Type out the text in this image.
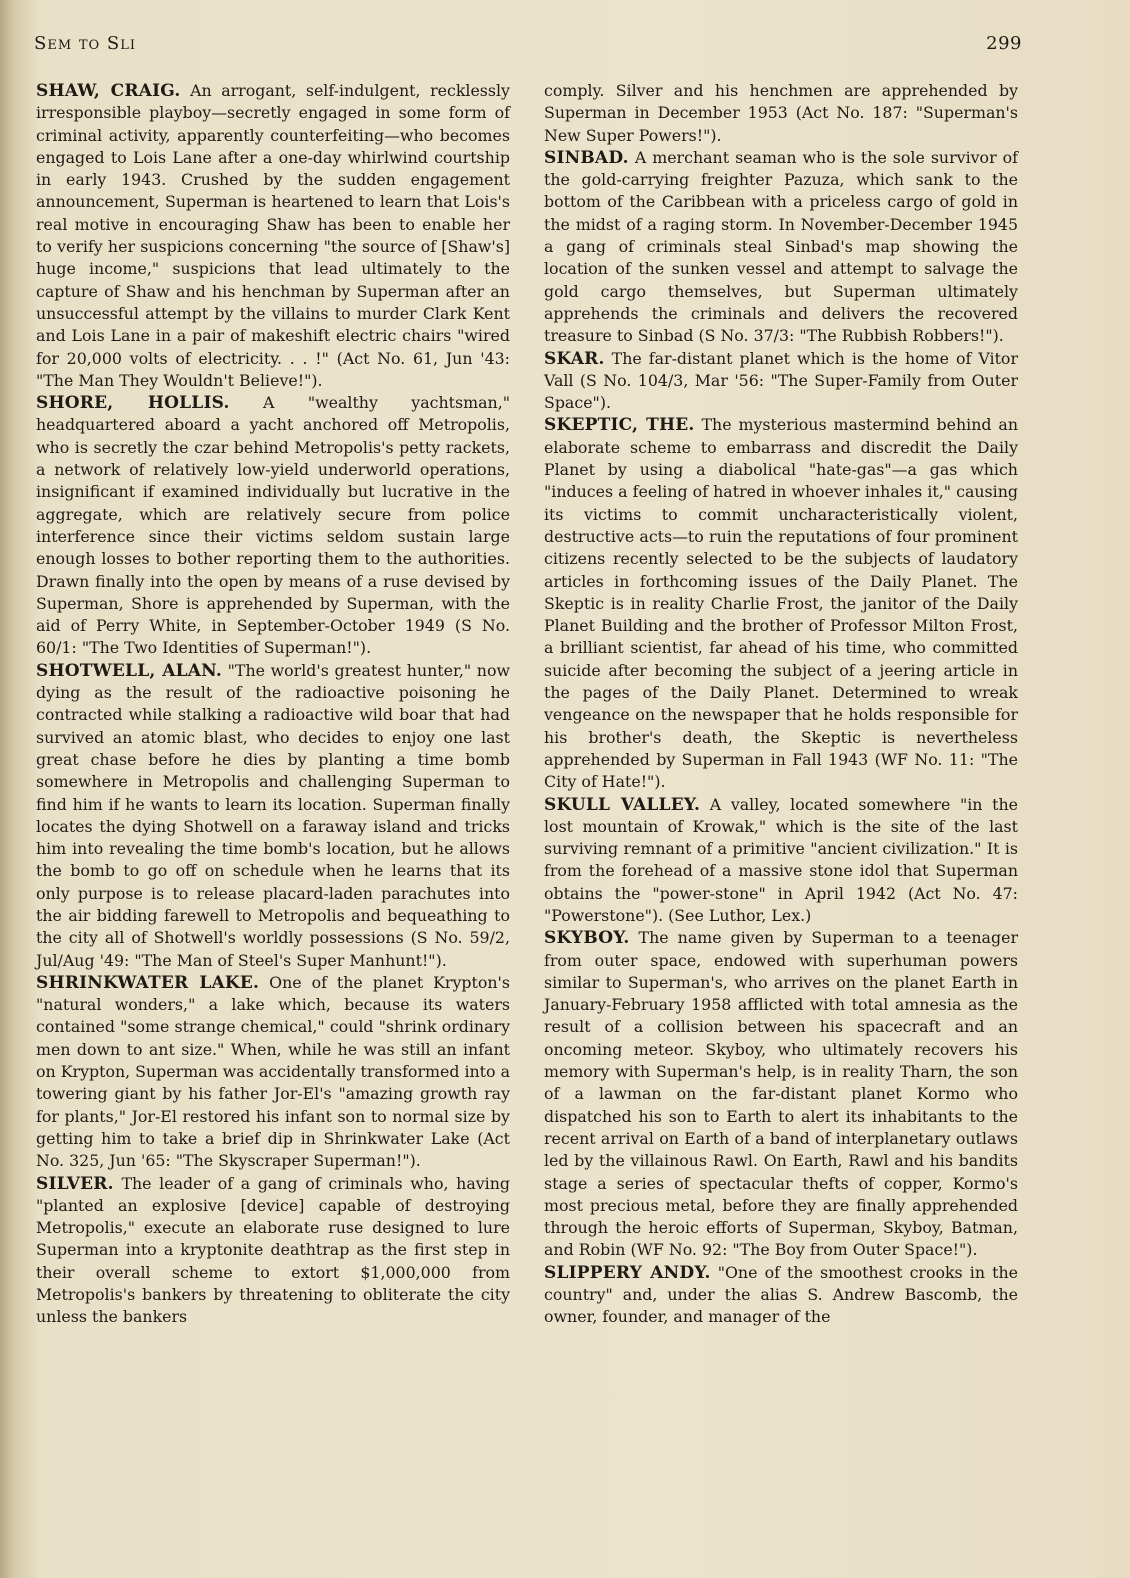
Sem to Sli	299

SHAW, CRAIG. An arrogant, self-indulgent, recklessly irresponsible playboy—secretly engaged in some form of criminal activity, apparently counterfeiting—who becomes engaged to Lois Lane after a one-day whirlwind courtship in early 1943. Crushed by the sudden engagement announcement, Superman is heartened to learn that Lois's real motive in encouraging Shaw has been to enable her to verify her suspicions concerning "the source of [Shaw's] huge income," suspicions that lead ultimately to the capture of Shaw and his henchman by Superman after an unsuccessful attempt by the villains to murder Clark Kent and Lois Lane in a pair of makeshift electric chairs "wired for 20,000 volts of electricity. . . !" (Act No. 61, Jun '43: "The Man They Wouldn't Believe!").

SHORE, HOLLIS. A "wealthy yachtsman," headquartered aboard a yacht anchored off Metropolis, who is secretly the czar behind Metropolis's petty rackets, a network of relatively low-yield underworld operations, insignificant if examined individually but lucrative in the aggregate, which are relatively secure from police interference since their victims seldom sustain large enough losses to bother reporting them to the authorities. Drawn finally into the open by means of a ruse devised by Superman, Shore is apprehended by Superman, with the aid of Perry White, in September-October 1949 (S No. 60/1: "The Two Identities of Superman!").

SHOTWELL, ALAN. "The world's greatest hunter," now dying as the result of the radioactive poisoning he contracted while stalking a radioactive wild boar that had survived an atomic blast, who decides to enjoy one last great chase before he dies by planting a time bomb somewhere in Metropolis and challenging Superman to find him if he wants to learn its location. Superman finally locates the dying Shotwell on a faraway island and tricks him into revealing the time bomb's location, but he allows the bomb to go off on schedule when he learns that its only purpose is to release placard-laden parachutes into the air bidding farewell to Metropolis and bequeathing to the city all of Shotwell's worldly possessions (S No. 59/2, Jul/Aug '49: "The Man of Steel's Super Manhunt!").

SHRINKWATER LAKE. One of the planet Krypton's "natural wonders," a lake which, because its waters contained "some strange chemical," could "shrink ordinary men down to ant size." When, while he was still an infant on Krypton, Superman was accidentally transformed into a towering giant by his father Jor-El's "amazing growth ray for plants," Jor-El restored his infant son to normal size by getting him to take a brief dip in Shrinkwater Lake (Act No. 325, Jun '65: "The Skyscraper Superman!").

SILVER. The leader of a gang of criminals who, having "planted an explosive [device] capable of destroying Metropolis," execute an elaborate ruse designed to lure Superman into a kryptonite deathtrap as the first step in their overall scheme to extort $1,000,000 from Metropolis's bankers by threatening to obliterate the city unless the bankers

comply. Silver and his henchmen are apprehended by Superman in December 1953 (Act No. 187: "Superman's New Super Powers!").

SINBAD. A merchant seaman who is the sole survivor of the gold-carrying freighter Pazuza, which sank to the bottom of the Caribbean with a priceless cargo of gold in the midst of a raging storm. In November-December 1945 a gang of criminals steal Sinbad's map showing the location of the sunken vessel and attempt to salvage the gold cargo themselves, but Superman ultimately apprehends the criminals and delivers the recovered treasure to Sinbad (S No. 37/3: "The Rubbish Robbers!").

SKAR. The far-distant planet which is the home of Vitor Vall (S No. 104/3, Mar '56: "The Super-Family from Outer Space").

SKEPTIC, THE. The mysterious mastermind behind an elaborate scheme to embarrass and discredit the Daily Planet by using a diabolical "hate-gas"—a gas which "induces a feeling of hatred in whoever inhales it," causing its victims to commit uncharacteristically violent, destructive acts—to ruin the reputations of four prominent citizens recently selected to be the subjects of laudatory articles in forthcoming issues of the Daily Planet. The Skeptic is in reality Charlie Frost, the janitor of the Daily Planet Building and the brother of Professor Milton Frost, a brilliant scientist, far ahead of his time, who committed suicide after becoming the subject of a jeering article in the pages of the Daily Planet. Determined to wreak vengeance on the newspaper that he holds responsible for his brother's death, the Skeptic is nevertheless apprehended by Superman in Fall 1943 (WF No. 11: "The City of Hate!").

SKULL VALLEY. A valley, located somewhere "in the lost mountain of Krowak," which is the site of the last surviving remnant of a primitive "ancient civilization." It is from the forehead of a massive stone idol that Superman obtains the "power-stone" in April 1942 (Act No. 47: "Powerstone"). (See Luthor, Lex.)

SKYBOY. The name given by Superman to a teenager from outer space, endowed with superhuman powers similar to Superman's, who arrives on the planet Earth in January-February 1958 afflicted with total amnesia as the result of a collision between his spacecraft and an oncoming meteor. Skyboy, who ultimately recovers his memory with Superman's help, is in reality Tharn, the son of a lawman on the far-distant planet Kormo who dispatched his son to Earth to alert its inhabitants to the recent arrival on Earth of a band of interplanetary outlaws led by the villainous Rawl. On Earth, Rawl and his bandits stage a series of spectacular thefts of copper, Kormo's most precious metal, before they are finally apprehended through the heroic efforts of Superman, Skyboy, Batman, and Robin (WF No. 92: "The Boy from Outer Space!").

SLIPPERY ANDY. "One of the smoothest crooks in the country" and, under the alias S. Andrew Bascomb, the owner, founder, and manager of the
